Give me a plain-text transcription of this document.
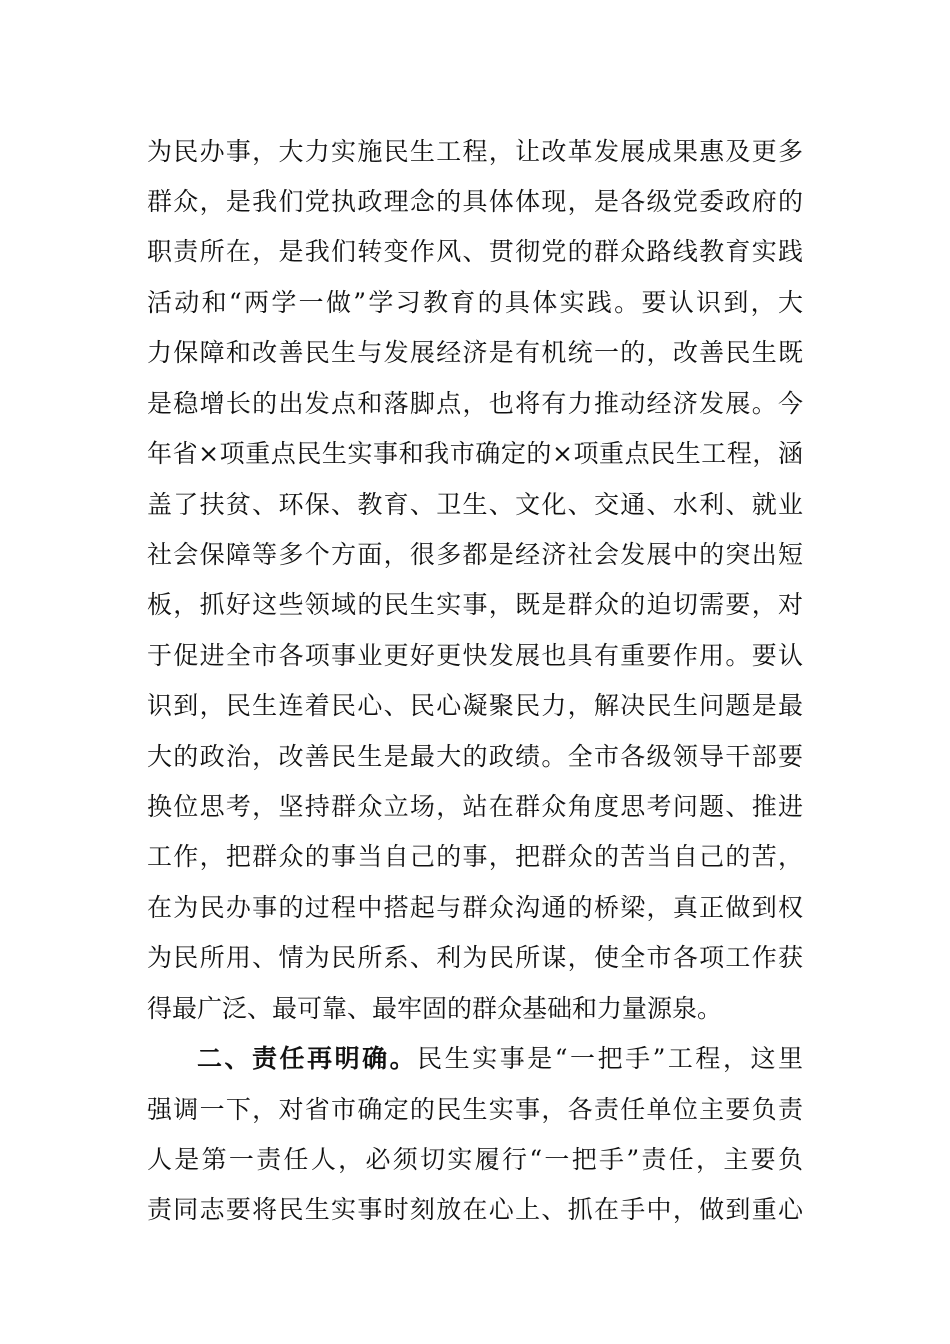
为民办事，大力实施民生工程，让改革发展成果惠及更多
群众，是我们党执政理念的具体体现，是各级党委政府的
职责所在，是我们转变作风、贯彻党的群众路线教育实践
活动和“两学一做”学习教育的具体实践。要认识到，大
力保障和改善民生与发展经济是有机统一的，改善民生既
是稳增长的出发点和落脚点，也将有力推动经济发展。今
年省×项重点民生实事和我市确定的×项重点民生工程，涵
盖了扶贫、环保、教育、卫生、文化、交通、水利、就业
社会保障等多个方面，很多都是经济社会发展中的突出短
板，抓好这些领域的民生实事，既是群众的迫切需要，对
于促进全市各项事业更好更快发展也具有重要作用。要认
识到，民生连着民心、民心凝聚民力，解决民生问题是最
大的政治，改善民生是最大的政绩。全市各级领导干部要
换位思考，坚持群众立场，站在群众角度思考问题、推进
工作，把群众的事当自己的事，把群众的苦当自己的苦，
在为民办事的过程中搭起与群众沟通的桥梁，真正做到权
为民所用、情为民所系、利为民所谋，使全市各项工作获
得最广泛、最可靠、最牢固的群众基础和力量源泉。
二、责任再明确。民生实事是“一把手”工程，这里
强调一下，对省市确定的民生实事，各责任单位主要负责
人是第一责任人，必须切实履行“一把手”责任，主要负
责同志要将民生实事时刻放在心上、抓在手中，做到重心
